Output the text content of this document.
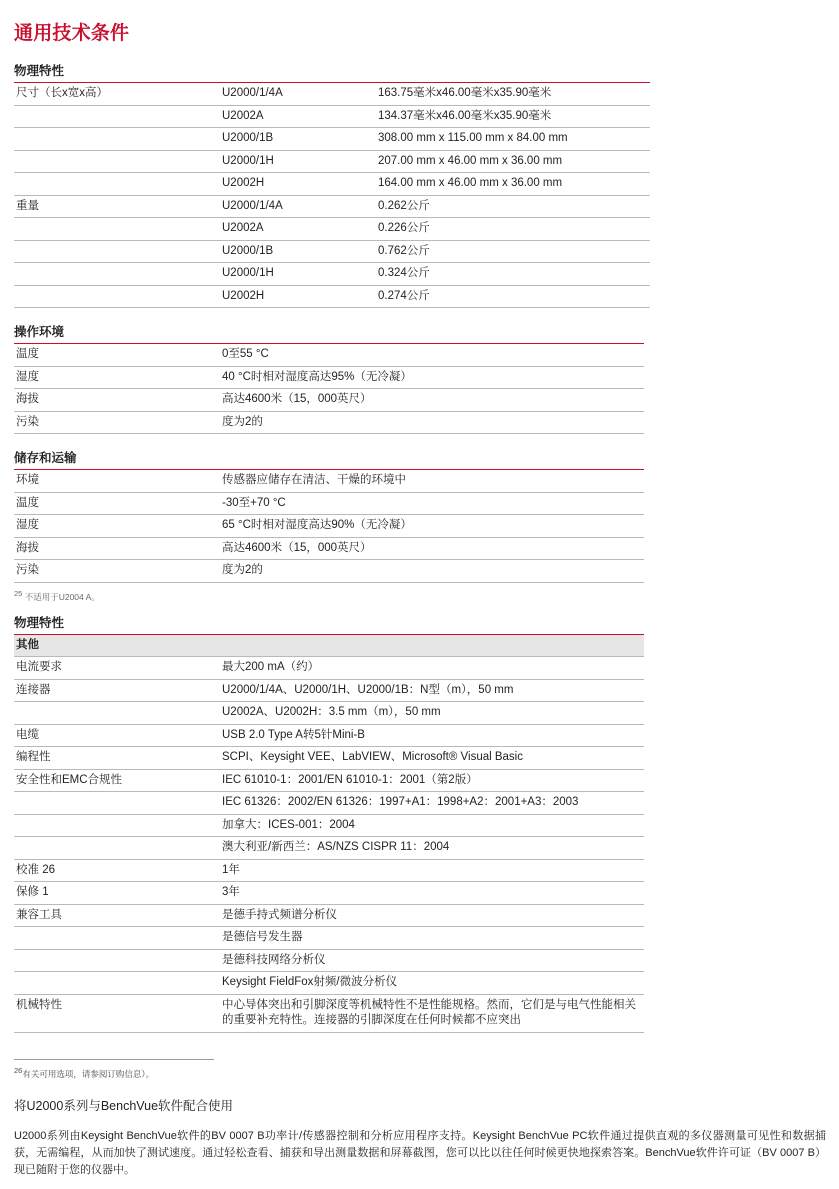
通用技术条件
物理特性
尺寸（长x宽x高）	U2000/1/4A	163.75毫米x46.00毫米x35.90毫米
	U2002A	134.37毫米x46.00毫米x35.90毫米
	U2000/1B	308.00 mm x 115.00 mm x 84.00 mm
	U2000/1H	207.00 mm x 46.00 mm x 36.00 mm
	U2002H	164.00 mm x 46.00 mm x 36.00 mm
重量	U2000/1/4A	0.262公斤
	U2002A	0.226公斤
	U2000/1B	0.762公斤
	U2000/1H	0.324公斤
	U2002H	0.274公斤
操作环境
温度	0至55 °C
湿度	40 °C时相对湿度高达95%（无冷凝）
海拔	高达4600米（15，000英尺）
污染	度为2的
储存和运输
环境	传感器应储存在清洁、干燥的环境中
温度	-30至+70 °C
湿度	65 °C时相对湿度高达90%（无冷凝）
海拔	高达4600米（15，000英尺）
污染	度为2的
25 不适用于U2004 A。
物理特性
其他	
电流要求	最大200 mA（约）
连接器	U2000/1/4A、U2000/1H、U2000/1B：N型（m），50 mm
	U2002A、U2002H：3.5 mm（m），50 mm
电缆	USB 2.0 Type A转5针Mini-B
编程性	SCPI、Keysight VEE、LabVIEW、Microsoft® Visual Basic
安全性和EMC合规性	IEC 61010-1：2001/EN 61010-1：2001（第2版）
	IEC 61326：2002/EN 61326：1997+A1：1998+A2：2001+A3：2003
	加拿大：ICES-001：2004
	澳大利亚/新西兰：AS/NZS CISPR 11：2004
校准 26	1年
保修 1	3年
兼容工具	是德手持式频谱分析仪
	是德信号发生器
	是德科技网络分析仪
	Keysight FieldFox射频/微波分析仪
机械特性	中心导体突出和引脚深度等机械特性不是性能规格。然而，它们是与电气性能相关的重要补充特性。连接器的引脚深度在任何时候都不应突出
26有关可用选项，请参阅订购信息）。
将U2000系列与BenchVue软件配合使用
U2000系列由Keysight BenchVue软件的BV 0007 B功率计/传感器控制和分析应用程序支持。Keysight BenchVue PC软件通过提供直观的多仪器测量可见性和数据捕获，无需编程，从而加快了测试速度。通过轻松查看、捕获和导出测量数据和屏幕截图，您可以比以往任何时候更快地探索答案。BenchVue软件许可证（BV 0007 B）现已随附于您的仪器中。
